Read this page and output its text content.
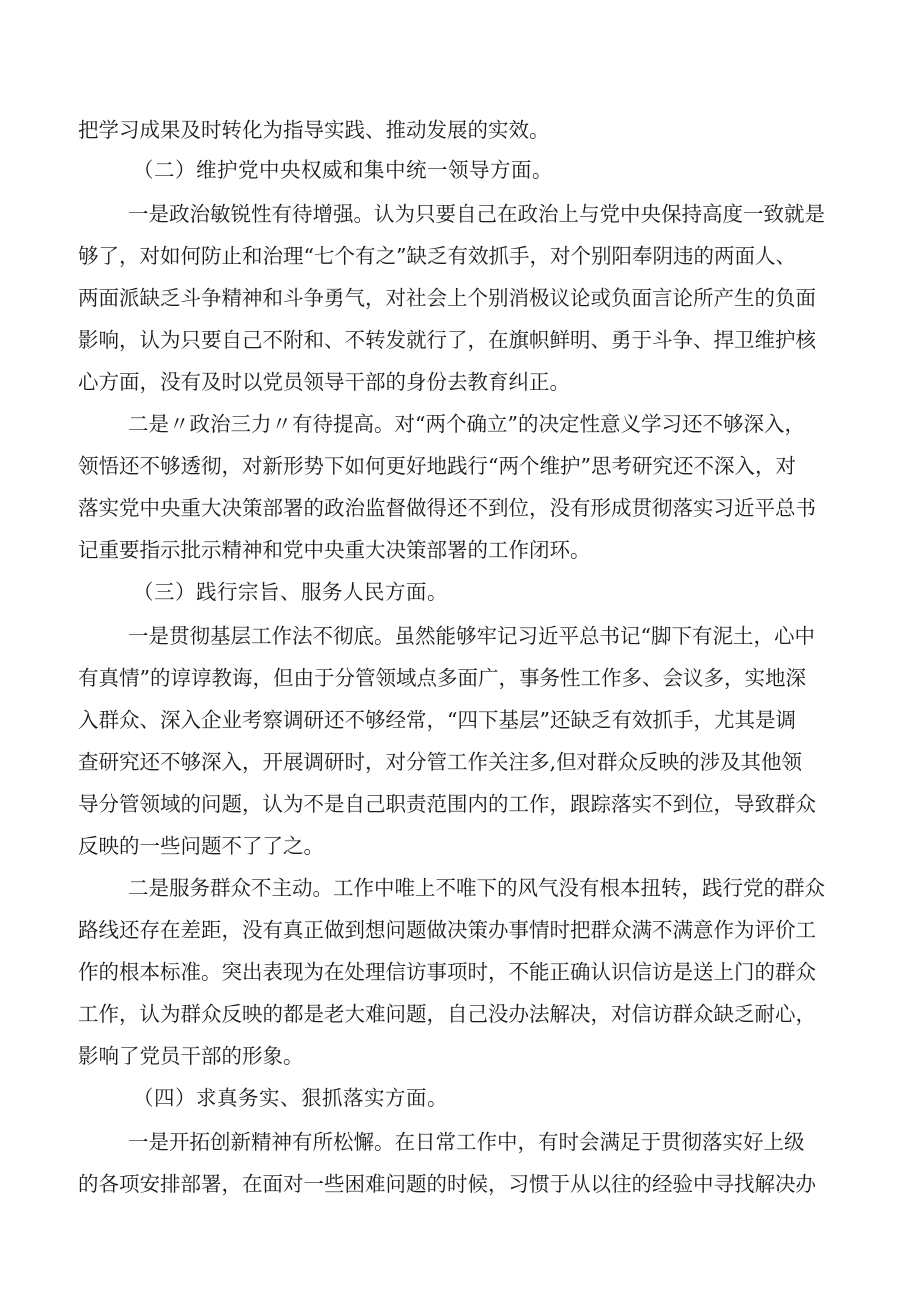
把学习成果及时转化为指导实践、推动发展的实效。
（二）维护党中央权威和集中统一领导方面。
一是政治敏锐性有待增强。认为只要自己在政治上与党中央保持高度一致就是
够了，对如何防止和治理“七个有之”缺乏有效抓手，对个别阳奉阴违的两面人、
两面派缺乏斗争精神和斗争勇气，对社会上个别消极议论或负面言论所产生的负面
影响，认为只要自己不附和、不转发就行了，在旗帜鲜明、勇于斗争、捍卫维护核
心方面，没有及时以党员领导干部的身份去教育纠正。
二是〃政治三力〃有待提高。对“两个确立”的决定性意义学习还不够深入，
领悟还不够透彻，对新形势下如何更好地践行“两个维护”思考研究还不深入，对
落实党中央重大决策部署的政治监督做得还不到位，没有形成贯彻落实习近平总书
记重要指示批示精神和党中央重大决策部署的工作闭环。
（三）践行宗旨、服务人民方面。
一是贯彻基层工作法不彻底。虽然能够牢记习近平总书记“脚下有泥土，心中
有真情”的谆谆教诲，但由于分管领域点多面广，事务性工作多、会议多，实地深
入群众、深入企业考察调研还不够经常，“四下基层”还缺乏有效抓手，尤其是调
查研究还不够深入，开展调研时，对分管工作关注多,但对群众反映的涉及其他领
导分管领域的问题，认为不是自己职责范围内的工作，跟踪落实不到位，导致群众
反映的一些问题不了了之。
二是服务群众不主动。工作中唯上不唯下的风气没有根本扭转，践行党的群众
路线还存在差距，没有真正做到想问题做决策办事情时把群众满不满意作为评价工
作的根本标准。突出表现为在处理信访事项时，不能正确认识信访是送上门的群众
工作，认为群众反映的都是老大难问题，自己没办法解决，对信访群众缺乏耐心，
影响了党员干部的形象。
（四）求真务实、狠抓落实方面。
一是开拓创新精神有所松懈。在日常工作中，有时会满足于贯彻落实好上级
的各项安排部署，在面对一些困难问题的时候，习惯于从以往的经验中寻找解决办
